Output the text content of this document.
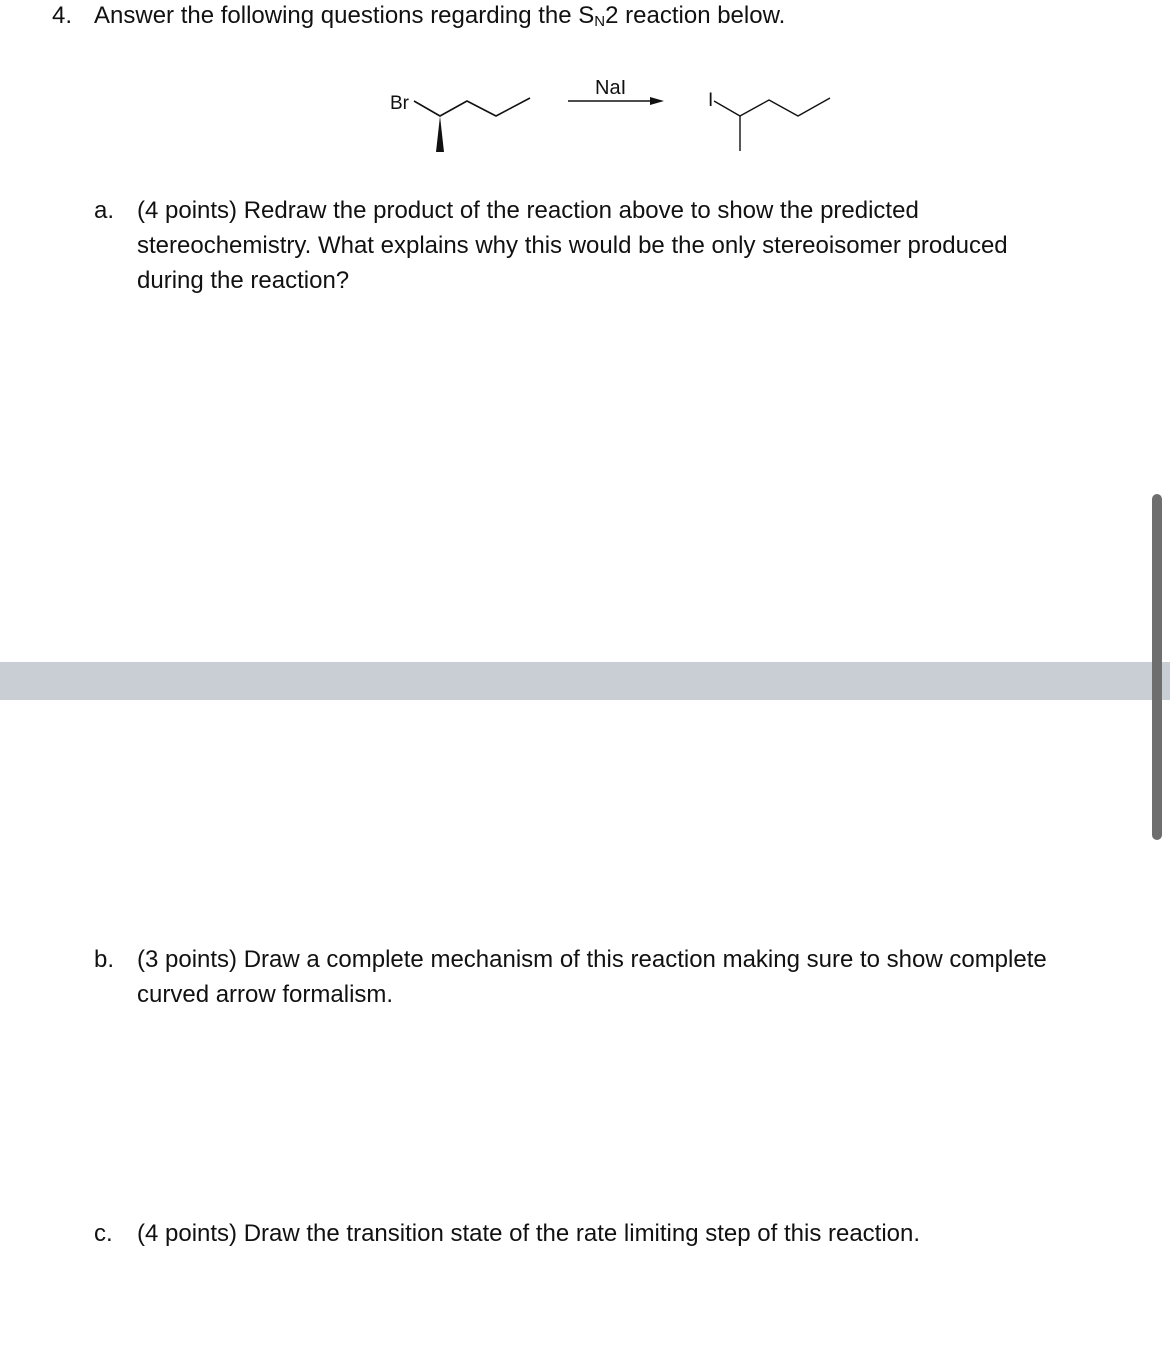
4. Answer the following questions regarding the $S_N2$ reaction below.
Br
NaI
I
a. (4 points) Redraw the product of the reaction above to show the predicted
stereochemistry. What explains why this would be the only stereoisomer produced
during the reaction?
b. (3 points) Draw a complete mechanism of this reaction making sure to show complete
curved arrow formalism.
c. (4 points) Draw the transition state of the rate limiting step of this reaction.
